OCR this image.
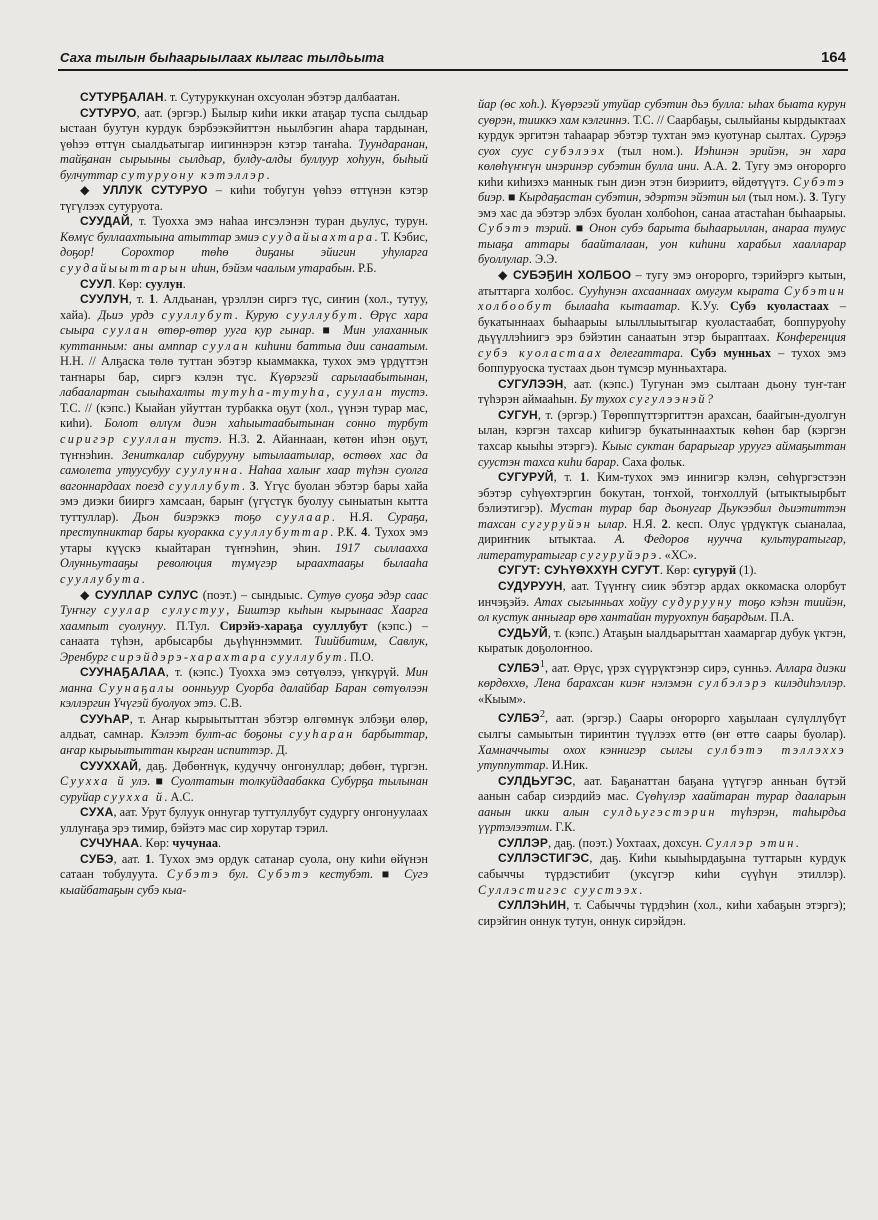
Саха тылын быһаарыылаах кылгас тылдьыта	164

СУТУРҔАЛАН. т. Сутуруккунан охсуолан эбэтэр далбаатан.

СУТУРУО, аат. (эргэр.) Былыр киһи икки атаҕар туспа сылдьар ыстаан буутун курдук бэрбээкэйиттэн ньылбэгин аһара тардынан, үөһээ өттүн сыалдьатыгар иигиннэрэн кэтэр таҥаһа. Туундаранан, тайҕанан сырыыны сылдьар, булду-алды буллуур хоһуун, быһый булчуттар сутуруону кэтэллэр.

◆ УЛЛУК СУТУРУО – киһи тобугун үөһээ өттүнэн кэтэр түгүлээх сутуруота.

СУУДАЙ, т. Туохха эмэ наһаа иҥсэлэнэн туран дьулус, турун. Көмүс буллаахтыына атыттар эмиэ суудайыахтара. Т. Кэбис, доҕор! Сорохтор төһө диҕаны эйигин уһуларга суудайыыттарын иһин, бэйэм чаалым утарабын. Р.Б.

СУУЛ. Көр: суулун.

СУУЛУН, т. 1. Алдьанан, үрэллэн сиргэ түс, сиҥин (хол., тутуу, хайа). Дьиэ урдэ сууллубут. Курую сууллубут. Өрүс хара сыыра суулан өтөр-өтөр ууга кур гынар. ■ Мин улаханнык куттанным: аны амппар суулан киһини баттыа дии санаатым. Н.Н. // Алҕаска төлө туттан эбэтэр кыаммакка, тухох эмэ үрдүттэн таҥнары бар, сиргэ кэлэн түс. Күөрэгэй сарылаабытынан, лабаалартан сыыһахалты тутуһа-тутуһа, суулан тустэ. Т.С. // (кэпс.) Кыайан уйуттан турбакка оҕут (хол., үүнэн турар мас, киһи). Болот өллүм диэн хаһыытаабытынан сонно турбут сиригэр сууллан тустэ. Н.З. 2. Айаннаан, көтөн иһэн оҕут, түҥнэһин. Зениткалар сибурууну ытылаатылар, өстөөх хас да самолета утуусубуу суулунна. Наһаа халыҥ хаар түһэн суолга вагоннардаах поезд сууллубут. 3. Үгүс буолан эбэтэр бары хайа эмэ диэки бииргэ хамсаан, барыҥ (үгүстүк буолуу сыныатын кытта туттуллар). Дьон биэрэккэ тоҕо суулаар. Н.Я. Сураҕа, преступниктар бары куоракка сууллубуттар. Р.Ҟ. 4. Тухох эмэ утары күүскэ кыайтаран түҥнэһин, эһин. 1917 сыллаахха Олунньутааҕы революция түмүгэр ыраахтааҕы былааһа сууллубута.

◆ СУУЛЛАР СУЛУС (поэт.) – сындыыс. Сутуө суоҕа эдэр саас Туҥнгу суулар сулустуу, Биштэр кыһын кырынаас Хаарга хаампыт суолунуу. П.Тул. Сирэйэ-хараҕа сууллубут (кэпс.) – санаата түһэн, арбысарбы дьүһүннэммит. Тиийбитим, Савлук, Эренбург сирэйдэрэ-харахтара сууллубут. П.О.

СУУНАҔАЛАА, т. (кэпс.) Туохха эмэ сөтүөлээ, үҥкүрүй. Мин манна Суунаҕалы оонньуур Суорба далайбар Баран сөтүөлээн кэллэргин Үчүгэй буолуох этэ. С.В.

СУУҺАР, т. Аҥар кырыытыттан эбэтэр өлгөмнүк элбэҕи өлөр, алдьат, самнар. Кэлээт булт-ас боҕоны сууһаран барбыттар, аҥар кырыытыттан кырган испиттэр. Д.

СУУХХАЙ, даҕ. Дөбөҥнүк, кудуччу онгонуллар; дөбөҥ, түргэн. Суухха й улэ. ■ Суолтатын толкуйдаабакка Субурҕа тылынан суруйар суухха й. А.С.

СУХА, аат. Урут булуук оннугар туттуллубут судургу онгонуулаах уллуҥаҕа эрэ тимир, бэйэтэ мас сир хорутар тэрил.

СУЧУНАА. Көр: чучунаа.

СУБЭ, аат. 1. Тухох эмэ ордук сатанар суола, ону киһи өйүнэн сатаан тобулуута. Субэтэ бул. Субэтэ кестубэт. ■ Сугэ кыайбатаҕын субэ кыа-

йар (өс хоһ.). Күөрэгэй утуйар субэтин дьэ булла: ыһах быата курун суөрэн, тииккэ хам кэлгиннэ. Т.С. // Саарбаҕы, сылыйаны кырдыктаах курдук эргитэн таһаарар эбэтэр тухтан эмэ куотунар сылтах. Сурэҕэ суох суус субэлээх (тыл ном.). Иэһинэн эрийэн, эн хара көлөһүҥҥүн инэринэр субэтин булла ини. А.А. 2. Тугу эмэ оҥорорго киһи киһиэхэ маннык гын диэн этэн биэриитэ, өйдөтүүтэ. Субэтэ биэр. ■ Кырдаҕастан субэтин, эдэртэн эйэтин ыл (тыл ном.). 3. Тугу эмэ хас да эбэтэр элбэх буолан холбоһон, санаа атастаһан быһаарыы. Субэтэ тэрий. ■ Онон субэ барыта быһаарыллан, анараа тумус тыаҕа аттары баайталаан, уон киһини харабыл хааллараp буоллулар. Э.Э.

◆ СУБЭҔИН ХОЛБОО – тугу эмэ оҥорорго, тэрийэргэ кытын, атыттарга холбос. Сууһунэн ахсааннаах омугум кырата Субэтин холбообут былааһа кытаатар. К.Уу. Субэ куоластаах – букатыннаах быһаарыы ылыллыытыгар куоластаабат, боппуруоһу дьүүллэһиигэ эрэ бэйэтин санаатын этэр быраптаах. Конференция субэ куоластаах делегаттара. Субэ мунньах – тухох эмэ боппуруоска тустаах дьон түмсэр мунньахтара.

СУГУЛЭЭН, аат. (кэпс.) Тугунан эмэ сылтаан дьону туҥ-таҥ түһэрэн аймааһын. Бу тухох сугулээнэй?

СУГУН, т. (эргэр.) Төрөппүттэргиттэн арахсан, баайгын-дуолгун ылан, кэргэн тахсар киһигэр букатыннаахтык көһөн бар (кэргэн тахсар кыыһы этэргэ). Кыыс суктан барарыгар уруугэ аймаҕыттан суустэн тахса киһи барар. Саха фольк.

СУГУРУЙ, т. 1. Ким-тухох эмэ иннигэр кэлэн, сөһүргэстээн эбэтэр суһүөхтэргин бокутан, тоҥхой, тоҥхоллуй (ытыктыырбыт бэлиэтигэр). Мустан турар бар дьонугар Дьукээбил дьиэтиттэн тахсан сугуруйэн ылар. Н.Я. 2. кесп. Олус үрдүктүк сыаналаа, дириҥник ытыктаа. А. Федоров нууччa культуратыгар, литератyратыгар сугуруйэрэ. «ХС».

СУГУТ: СУҺҮӨХХҮН СУГУТ. Көр: сугуруй (1).

СУДУРУУН, аат. Түүҥҥү сиик эбэтэр ардах оккомаска олорбут инчэҕэйэ. Атах сыгынньах хойуу судурууну тоҕо кэһэн тиийэн, ол кустук аннығар өрө хантайан туруохпун баҕардым. П.А.

СУДЬУЙ, т. (кэпс.) Атаҕын ыалдьарыттан хаамаргар дубук үктэн, кыратык доҕолоҥноо.

СУЛБЭ$^1$, аат. Өрүс, үрэх сүүрүктэнэр сирэ, сунньэ. Аллара диэки көрдөххө, Лена барахсан киэҥ нэлэмэн сулбэлэрэ килэдиһэллэр. «Кыым».

СУЛБЭ$^2$, аат. (эргэр.) Саары оҥорорго хаҕылаан сүлүллүбүт сылгы самыытын тиринтин түүлээх өттө (өҥ өттө саары буолар). Хамначчыты охох кэннигэр сылгы сулбэтэ тэллэххэ утуппуттар. И.Ник.

СУЛДЬУГЭС, аат. Баҕанаттан баҕана үүтүгэр анньан бүтэй аанын сабар сиэрдийэ мас. Сүөһүлэр хаайтаран турар дааларын аанын икки алын сулдьугэстэрин түһэрэн, таһырдьа үүртэлээтим. Г.К.

СУЛЛЭР, даҕ. (поэт.) Уохтаах, дохсун. Суллэр этин.

СУЛЛЭСТИГЭС, даҕ. Киһи кыыһырдаҕына туттарын курдук сабыччы түрдэстибит (уксүгэр киһи сүүһүн этиллэр). Суллэстигэс суустээх.

СУЛЛЭҺИН, т. Сабыччы түрдэһин (хол., киһи хабаҕын этэргэ); сирэйгин оннук тутун, оннук сирэйдэн.
